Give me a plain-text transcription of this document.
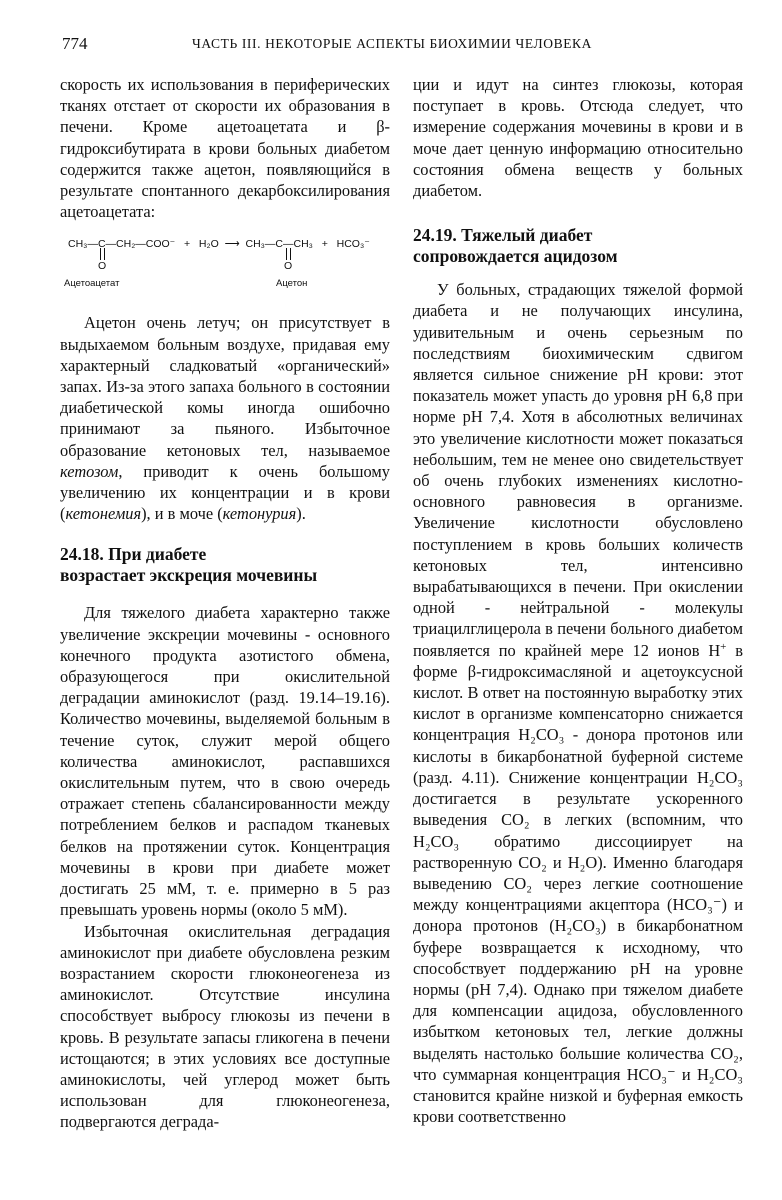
774	ЧАСТЬ III. НЕКОТОРЫЕ АСПЕКТЫ БИОХИМИИ ЧЕЛОВЕКА

скорость их использования в периферических тканях отстает от скорости их образования в печени. Кроме ацетоацетата и β-гидроксибутирата в крови больных диабетом содержится также ацетон, появляющийся в результате спонтанного декарбоксилирования ацетоацетата:

CH₃—C—CH₂—COO⁻ + H₂O ⟶ CH₃—C—CH₃ + HCO₃⁻
O	O
Ацетоацетат	Ацетон

Ацетон очень летуч; он присутствует в выдыхаемом больным воздухе, придавая ему характерный сладковатый «органический» запах. Из-за этого запаха больного в состоянии диабетической комы иногда ошибочно принимают за пьяного. Избыточное образование кетоновых тел, называемое кетозом, приводит к очень большому увеличению их концентрации и в крови (кетонемия), и в моче (кетонурия).

24.18. При диабете
возрастает экскреция мочевины

Для тяжелого диабета характерно также увеличение экскреции мочевины - основного конечного продукта азотистого обмена, образующегося при окислительной деградации аминокислот (разд. 19.14–19.16). Количество мочевины, выделяемой больным в течение суток, служит мерой общего количества аминокислот, распавшихся окислительным путем, что в свою очередь отражает степень сбалансированности между потреблением белков и распадом тканевых белков на протяжении суток. Концентрация мочевины в крови при диабете может достигать 25 мМ, т. е. примерно в 5 раз превышать уровень нормы (около 5 мМ).

Избыточная окислительная деградация аминокислот при диабете обусловлена резким возрастанием скорости глюконеогенеза из аминокислот. Отсутствие инсулина способствует выбросу глюкозы из печени в кровь. В результате запасы гликогена в печени истощаются; в этих условиях все доступные аминокислоты, чей углерод может быть использован для глюконеогенеза, подвергаются деграда-

ции и идут на синтез глюкозы, которая поступает в кровь. Отсюда следует, что измерение содержания мочевины в крови и в моче дает ценную информацию относительно состояния обмена веществ у больных диабетом.

24.19. Тяжелый диабет
сопровождается ацидозом

У больных, страдающих тяжелой формой диабета и не получающих инсулина, удивительным и очень серьезным по последствиям биохимическим сдвигом является сильное снижение pH крови: этот показатель может упасть до уровня pH 6,8 при норме pH 7,4. Хотя в абсолютных величинах это увеличение кислотности может показаться небольшим, тем не менее оно свидетельствует об очень глубоких изменениях кислотно-основного равновесия в организме. Увеличение кислотности обусловлено поступлением в кровь больших количеств кетоновых тел, интенсивно вырабатывающихся в печени. При окислении одной - нейтральной - молекулы триацилглицерола в печени больного диабетом появляется по крайней мере 12 ионов H+ в форме β-гидроксимасляной и ацетоуксусной кислот. В ответ на постоянную выработку этих кислот в организме компенсаторно снижается концентрация H₂CO₃ - донора протонов или кислоты в бикарбонатной буферной системе (разд. 4.11). Снижение концентрации H₂CO₃ достигается в результате ускоренного выведения CO₂ в легких (вспомним, что H₂CO₃ обратимо диссоциирует на растворенную CO₂ и H₂O). Именно благодаря выведению CO₂ через легкие соотношение между концентрациями акцептора (HCO₃⁻) и донора протонов (H₂CO₃) в бикарбонатном буфере возвращается к исходному, что способствует поддержанию pH на уровне нормы (pH 7,4). Однако при тяжелом диабете для компенсации ацидоза, обусловленного избытком кетоновых тел, легкие должны выделять настолько большие количества CO₂, что суммарная концентрация HCO₃⁻ и H₂CO₃ становится крайне низкой и буферная емкость крови соответственно
